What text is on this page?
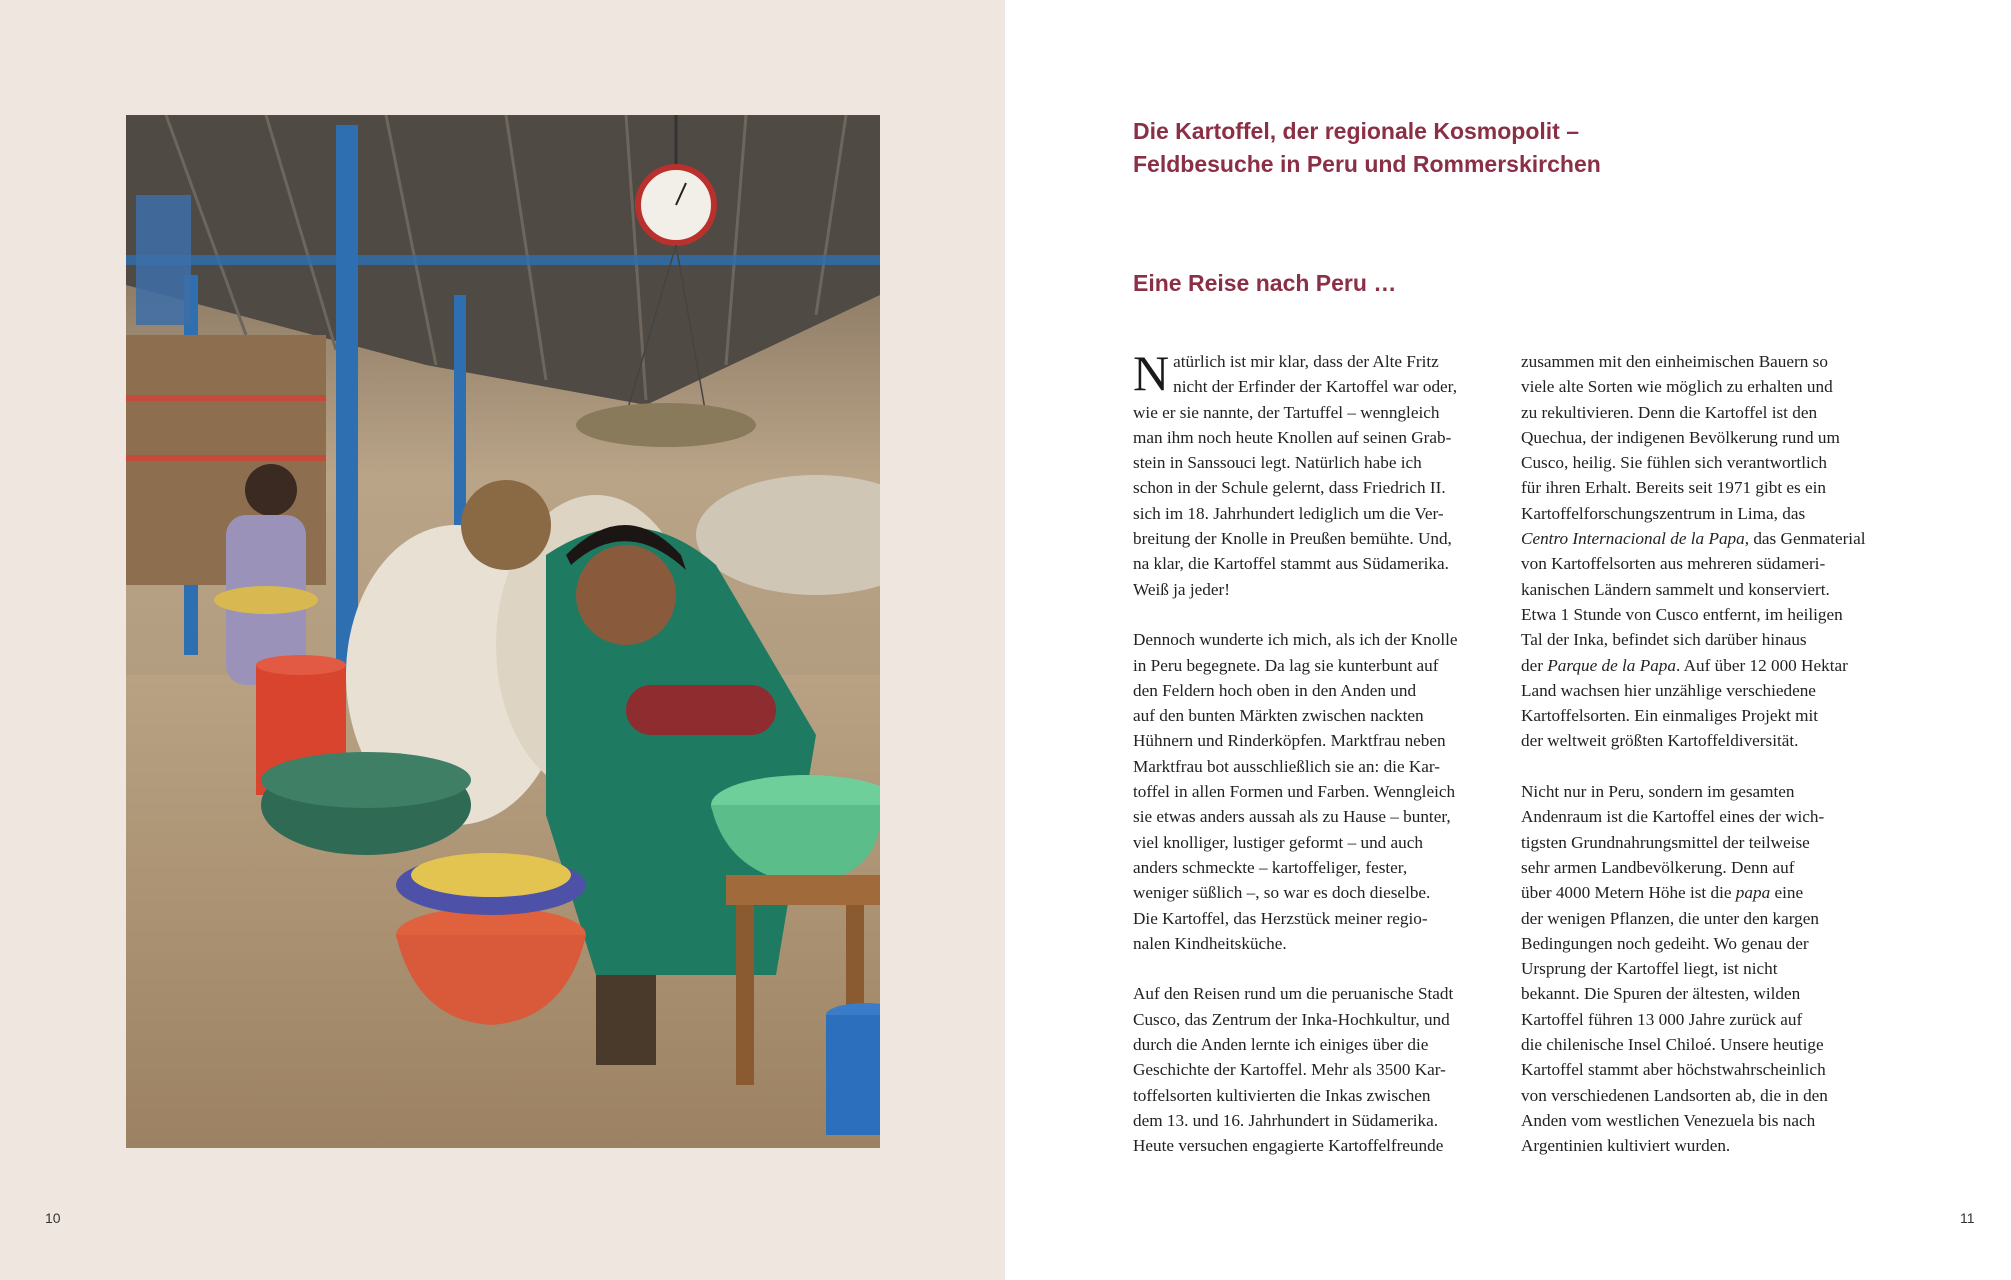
10
Die Kartoffel, der regionale Kosmopolit –
Feldbesuche in Peru und Rommerskirchen
Eine Reise nach Peru …
N atürlich ist mir klar, dass der Alte Fritz
nicht der Erfinder der Kartoffel war oder,
wie er sie nannte, der Tartuffel – wenngleich
man ihm noch heute Knollen auf seinen Grab-
stein in Sanssouci legt. Natürlich habe ich
schon in der Schule gelernt, dass Friedrich II.
sich im 18. Jahrhundert lediglich um die Ver-
breitung der Knolle in Preußen bemühte. Und,
na klar, die Kartoffel stammt aus Südamerika.
Weiß ja jeder!
Dennoch wunderte ich mich, als ich der Knolle
in Peru begegnete. Da lag sie kunterbunt auf
den Feldern hoch oben in den Anden und
auf den bunten Märkten zwischen nackten
Hühnern und Rinderköpfen. Marktfrau neben
Marktfrau bot ausschließlich sie an: die Kar-
toffel in allen Formen und Farben. Wenngleich
sie etwas anders aussah als zu Hause – bunter,
viel knolliger, lustiger geformt – und auch
anders schmeckte – kartoffeliger, fester,
weniger süßlich –, so war es doch dieselbe.
Die Kartoffel, das Herzstück meiner regio-
nalen Kindheitsküche.
Auf den Reisen rund um die peruanische Stadt
Cusco, das Zentrum der Inka-Hochkultur, und
durch die Anden lernte ich einiges über die
Geschichte der Kartoffel. Mehr als 3500 Kar-
toffelsorten kultivierten die Inkas zwischen
dem 13. und 16. Jahrhundert in Südamerika.
Heute versuchen engagierte Kartoffelfreunde
zusammen mit den einheimischen Bauern so
viele alte Sorten wie möglich zu erhalten und
zu rekultivieren. Denn die Kartoffel ist den
Quechua, der indigenen Bevölkerung rund um
Cusco, heilig. Sie fühlen sich verantwortlich
für ihren Erhalt. Bereits seit 1971 gibt es ein
Kartoffelforschungszentrum in Lima, das
Centro Internacional de la Papa, das Genmaterial
von Kartoffelsorten aus mehreren südameri-
kanischen Ländern sammelt und konserviert.
Etwa 1 Stunde von Cusco entfernt, im heiligen
Tal der Inka, befindet sich darüber hinaus
der Parque de la Papa. Auf über 12 000 Hektar
Land wachsen hier unzählige verschiedene
Kartoffelsorten. Ein einmaliges Projekt mit
der weltweit größten Kartoffeldiversität.
Nicht nur in Peru, sondern im gesamten
Andenraum ist die Kartoffel eines der wich-
tigsten Grundnahrungsmittel der teilweise
sehr armen Landbevölkerung. Denn auf
über 4000 Metern Höhe ist die papa eine
der wenigen Pflanzen, die unter den kargen
Bedingungen noch gedeiht. Wo genau der
Ursprung der Kartoffel liegt, ist nicht
bekannt. Die Spuren der ältesten, wilden
Kartoffel führen 13 000 Jahre zurück auf
die chilenische Insel Chiloé. Unsere heutige
Kartoffel stammt aber höchstwahrscheinlich
von verschiedenen Landsorten ab, die in den
Anden vom westlichen Venezuela bis nach
Argentinien kultiviert wurden.
11
